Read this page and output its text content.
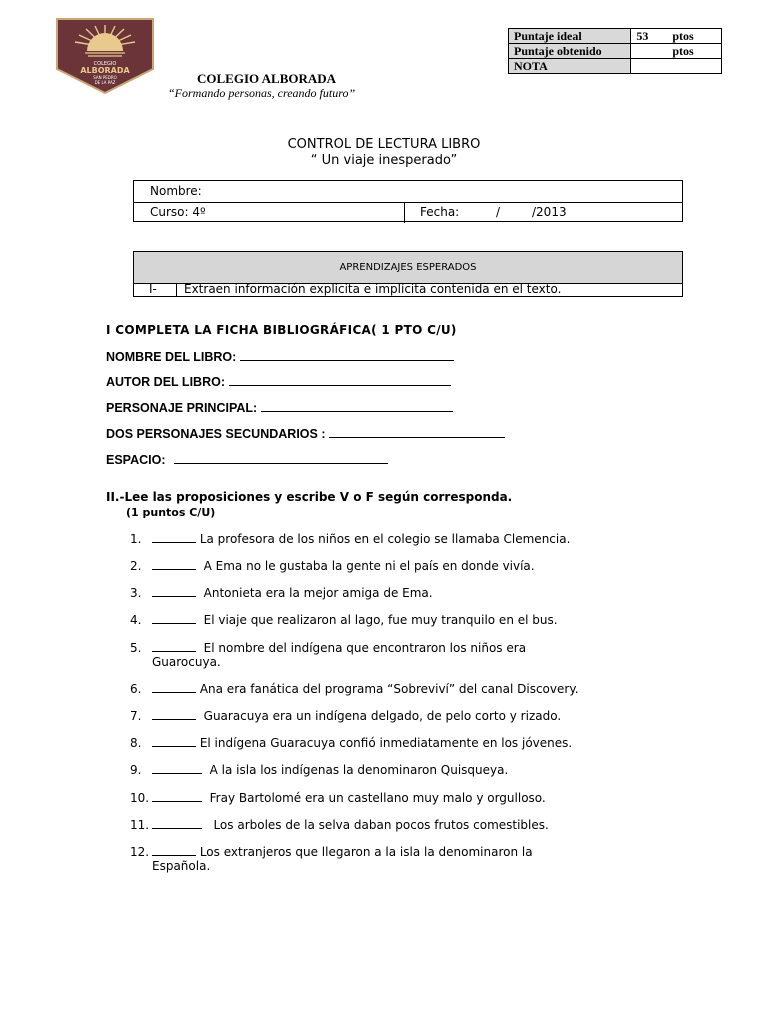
Puntaje ideal	53 ptos
Puntaje obtenido	ptos
NOTA	
COLEGIO
ALBORADA
SAN PEDRO
DE LA PAZ	COLEGIO ALBORADA
“Formando personas, creando futuro”
CONTROL DE LECTURA LIBRO
“ Un viaje inesperado”
Nombre:
Curso: 4º	Fecha:	/	/2013
APRENDIZAJES ESPERADOS
I- Extraen información explicita e implícita contenida en el texto.
I COMPLETA LA FICHA BIBLIOGRÁFICA( 1 PTO C/U)
NOMBRE DEL LIBRO:
AUTOR DEL LIBRO:
PERSONAJE PRINCIPAL:
DOS PERSONAJES SECUNDARIOS :
ESPACIO:
II.-Lee las proposiciones y escribe V o F según corresponda.
(1 puntos C/U)
1.	La profesora de los niños en el colegio se llamaba Clemencia.
2.	A Ema no le gustaba la gente ni el país en donde vivía.
3.	Antonieta era la mejor amiga de Ema.
4.	El viaje que realizaron al lago, fue muy tranquilo en el bus.
5.	El nombre del indígena que encontraron los niños era
Guarocuya.
6.	Ana era fanática del programa “Sobreviví” del canal Discovery.
7.	Guaracuya era un indígena delgado, de pelo corto y rizado.
8.	El indígena Guaracuya confió inmediatamente en los jóvenes.
9.	A la isla los indígenas la denominaron Quisqueya.
10.	Fray Bartolomé era un castellano muy malo y orgulloso.
11.	Los arboles de la selva daban pocos frutos comestibles.
12.	Los extranjeros que llegaron a la isla la denominaron la
Española.
